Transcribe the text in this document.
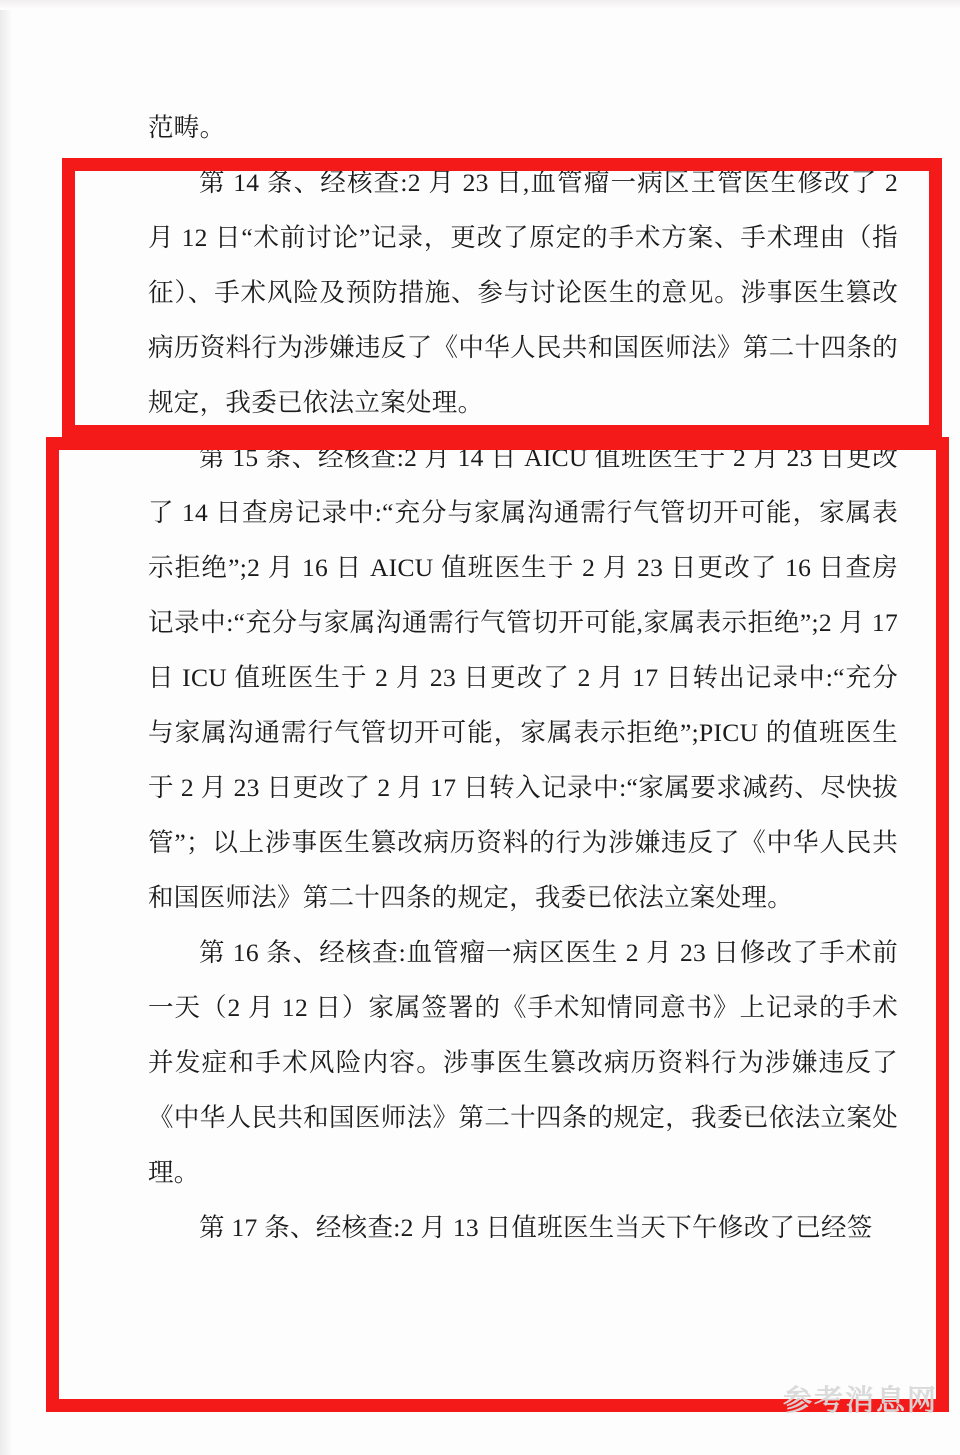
范畴。

第 14 条、经核查:2 月 23 日,血管瘤一病区王管医生修改了 2 月 12 日“术前讨论”记录，更改了原定的手术方案、手术理由（指征）、手术风险及预防措施、参与讨论医生的意见。涉事医生篡改病历资料行为涉嫌违反了《中华人民共和国医师法》第二十四条的规定，我委已依法立案处理。

第 15 条、经核查:2 月 14 日 AICU 值班医生于 2 月 23 日更改了 14 日查房记录中:“充分与家属沟通需行气管切开可能，家属表示拒绝”;2 月 16 日 AICU 值班医生于 2 月 23 日更改了 16 日查房记录中:“充分与家属沟通需行气管切开可能,家属表示拒绝”;2 月 17 日 ICU 值班医生于 2 月 23 日更改了 2 月 17 日转出记录中:“充分与家属沟通需行气管切开可能，家属表示拒绝”;PICU 的值班医生于 2 月 23 日更改了 2 月 17 日转入记录中:“家属要求减药、尽快拔管”；以上涉事医生篡改病历资料的行为涉嫌违反了《中华人民共和国医师法》第二十四条的规定，我委已依法立案处理。

第 16 条、经核查:血管瘤一病区医生 2 月 23 日修改了手术前一天（2 月 12 日）家属签署的《手术知情同意书》上记录的手术并发症和手术风险内容。涉事医生篡改病历资料行为涉嫌违反了《中华人民共和国医师法》第二十四条的规定，我委已依法立案处理。

第 17 条、经核查:2 月 13 日值班医生当天下午修改了已经签

参考消息网
